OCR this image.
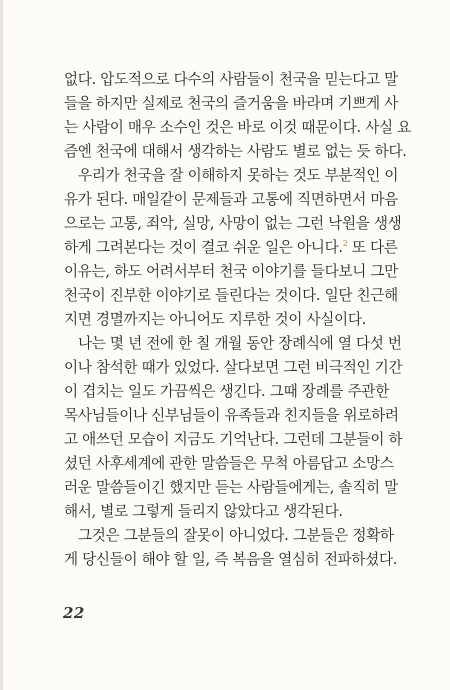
없다. 압도적으로 다수의 사람들이 천국을 믿는다고 말
들을 하지만 실제로 천국의 즐거움을 바라며 기쁘게 사
는 사람이 매우 소수인 것은 바로 이것 때문이다. 사실 요
즘엔 천국에 대해서 생각하는 사람도 별로 없는 듯 하다.
우리가 천국을 잘 이해하지 못하는 것도 부분적인 이
유가 된다. 매일같이 문제들과 고통에 직면하면서 마음
으로는 고통, 죄악, 실망, 사망이 없는 그런 낙원을 생생
하게 그려본다는 것이 결코 쉬운 일은 아니다.$^2$ 또 다른
이유는, 하도 어려서부터 천국 이야기를 들다보니 그만
천국이 진부한 이야기로 들린다는 것이다. 일단 친근해
지면 경멸까지는 아니어도 지루한 것이 사실이다.
나는 몇 년 전에 한 칠 개월 동안 장례식에 열 다섯 번
이나 참석한 때가 있었다. 살다보면 그런 비극적인 기간
이 겹치는 일도 가끔씩은 생긴다. 그때 장례를 주관한
목사님들이나 신부님들이 유족들과 친지들을 위로하려
고 애쓰던 모습이 지금도 기억난다. 그런데 그분들이 하
셨던 사후세계에 관한 말씀들은 무척 아름답고 소망스
러운 말씀들이긴 했지만 듣는 사람들에게는, 솔직히 말
해서, 별로 그렇게 들리지 않았다고 생각된다.
그것은 그분들의 잘못이 아니었다. 그분들은 정확하
게 당신들이 해야 할 일, 즉 복음을 열심히 전파하셨다.
22
